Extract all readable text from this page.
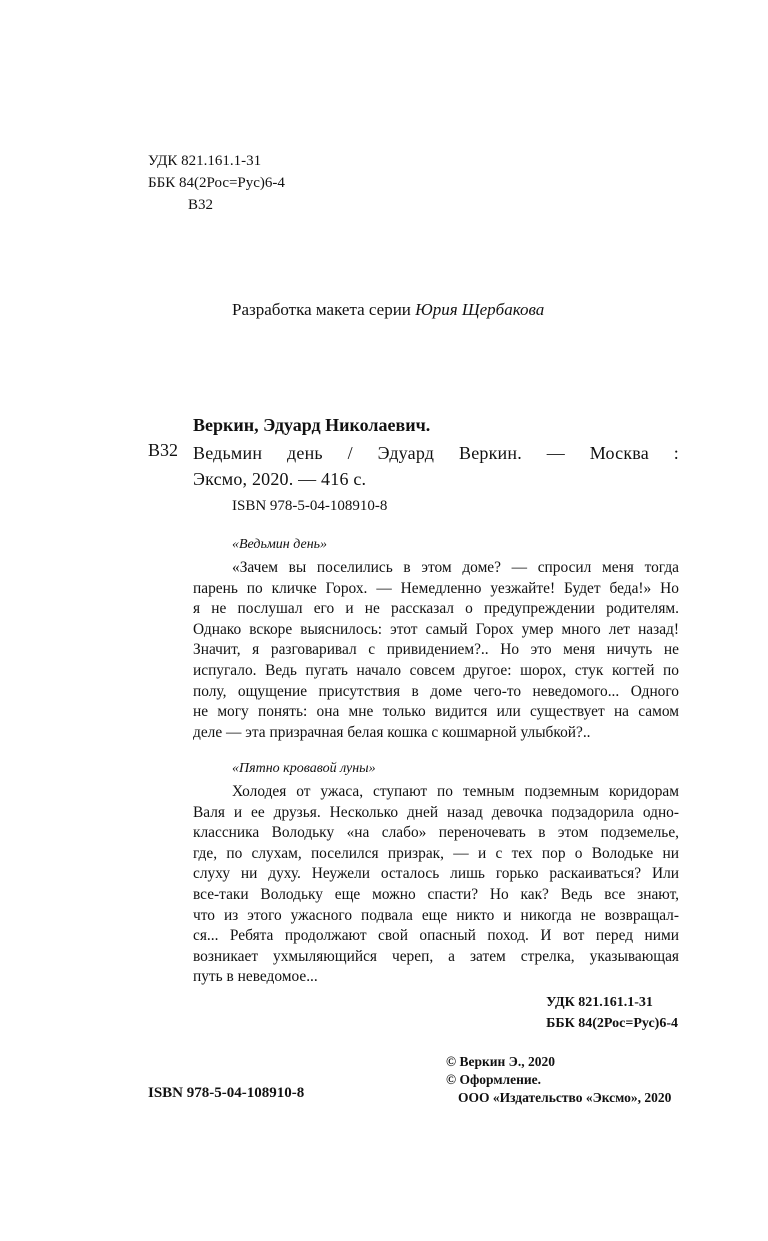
УДК 821.161.1-31
ББК 84(2Рос=Рус)6-4
В32
Разработка макета серии Юрия Щербакова
Веркин, Эдуард Николаевич.
В32 Ведьмин день / Эдуард Веркин. — Москва :
Эксмо, 2020. — 416 с.
ISBN 978-5-04-108910-8
«Ведьмин день»
«Зачем вы поселились в этом доме? — спросил меня тогда
парень по кличке Горох. — Немедленно уезжайте! Будет беда!» Но
я не послушал его и не рассказал о предупреждении родителям.
Однако вскоре выяснилось: этот самый Горох умер много лет назад!
Значит, я разговаривал с привидением?.. Но это меня ничуть не
испугало. Ведь пугать начало совсем другое: шорох, стук когтей по
полу, ощущение присутствия в доме чего-то неведомого... Одного
не могу понять: она мне только видится или существует на самом
деле — эта призрачная белая кошка с кошмарной улыбкой?..
«Пятно кровавой луны»
Холодея от ужаса, ступают по темным подземным коридорам
Валя и ее друзья. Несколько дней назад девочка подзадорила одно-
классника Володьку «на слабо» переночевать в этом подземелье,
где, по слухам, поселился призрак, — и с тех пор о Володьке ни
слуху ни духу. Неужели осталось лишь горько раскаиваться? Или
все-таки Володьку еще можно спасти? Но как? Ведь все знают,
что из этого ужасного подвала еще никто и никогда не возвращал-
ся... Ребята продолжают свой опасный поход. И вот перед ними
возникает ухмыляющийся череп, а затем стрелка, указывающая
путь в неведомое...
УДК 821.161.1-31
ББК 84(2Рос=Рус)6-4
© Веркин Э., 2020
© Оформление.
ООО «Издательство «Эксмо», 2020
ISBN 978-5-04-108910-8
